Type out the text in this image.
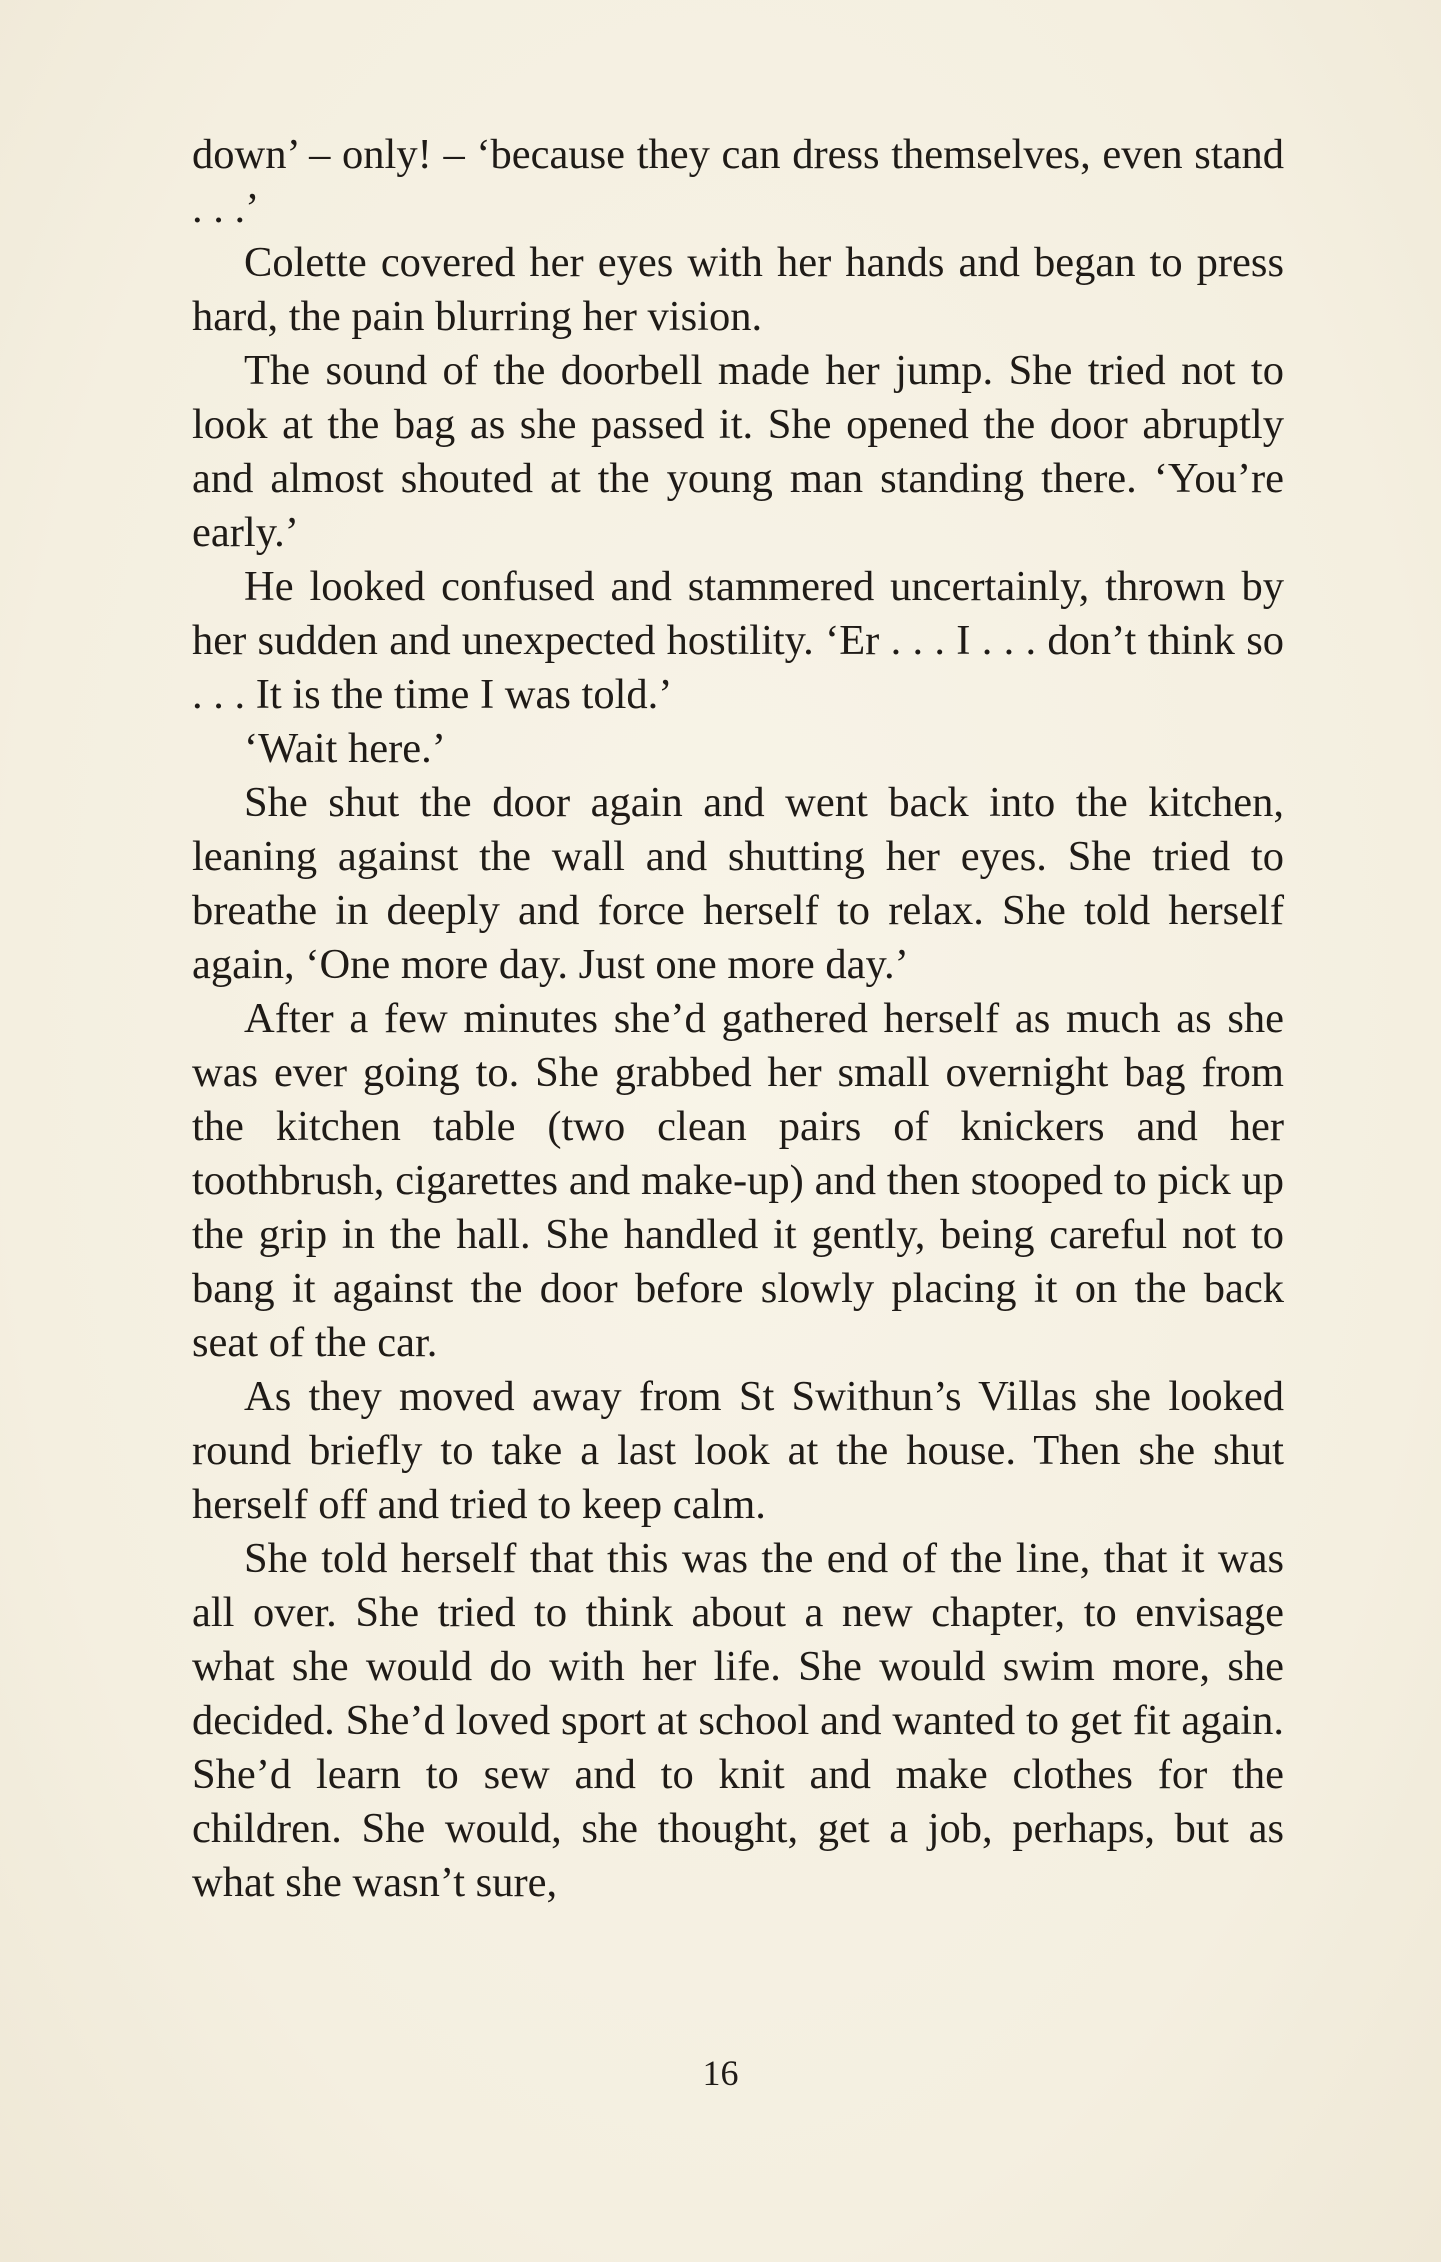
down’ – only! – ‘because they can dress themselves, even stand . . .’

Colette covered her eyes with her hands and began to press hard, the pain blurring her vision.

The sound of the doorbell made her jump. She tried not to look at the bag as she passed it. She opened the door abruptly and almost shouted at the young man standing there. ‘You’re early.’

He looked confused and stammered uncertainly, thrown by her sudden and unexpected hostility. ‘Er . . . I . . . don’t think so . . . It is the time I was told.’

‘Wait here.’

She shut the door again and went back into the kitchen, leaning against the wall and shutting her eyes. She tried to breathe in deeply and force herself to relax. She told herself again, ‘One more day. Just one more day.’

After a few minutes she’d gathered herself as much as she was ever going to. She grabbed her small overnight bag from the kitchen table (two clean pairs of knickers and her toothbrush, cigarettes and make-up) and then stooped to pick up the grip in the hall. She handled it gently, being careful not to bang it against the door before slowly placing it on the back seat of the car.

As they moved away from St Swithun’s Villas she looked round briefly to take a last look at the house. Then she shut herself off and tried to keep calm.

She told herself that this was the end of the line, that it was all over. She tried to think about a new chapter, to envisage what she would do with her life. She would swim more, she decided. She’d loved sport at school and wanted to get fit again. She’d learn to sew and to knit and make clothes for the children. She would, she thought, get a job, perhaps, but as what she wasn’t sure,

16
